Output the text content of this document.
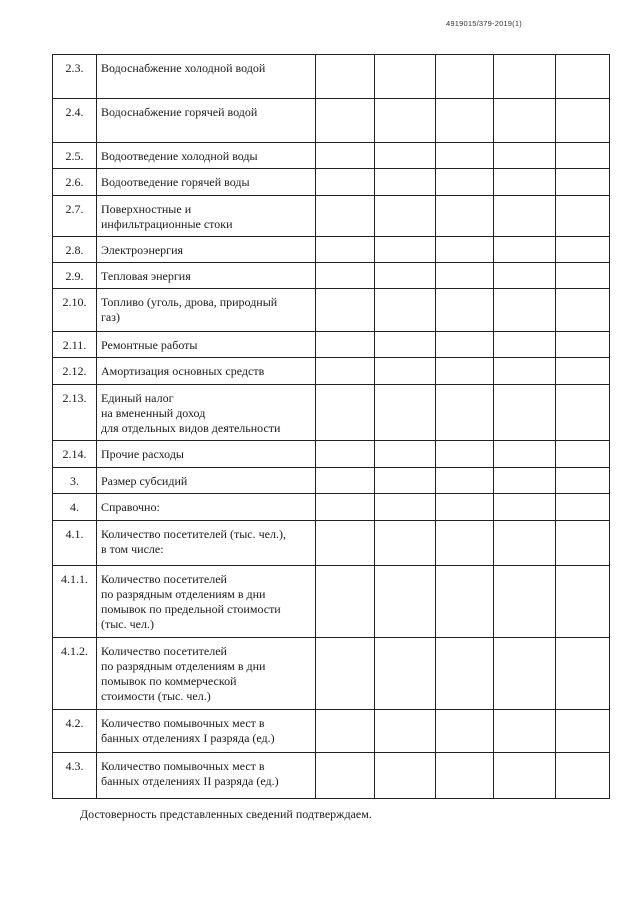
4919015/379-2019(1)
2.3.	Водоснабжение холодной водой					

2.4.	Водоснабжение горячей водой					

2.5.	Водоотведение холодной воды					

2.6.	Водоотведение горячей воды					

2.7.	Поверхностные и
инфильтрационные стоки					

2.8.	Электроэнергия					

2.9.	Тепловая энергия					

2.10.	Топливо (уголь, дрова, природный
газ)					

2.11.	Ремонтные работы					

2.12.	Амортизация основных средств					

2.13.	Единый налог
на вмененный доход
для отдельных видов деятельности					

2.14.	Прочие расходы					

3.	Размер субсидий					

4.	Справочно:					

4.1.	Количество посетителей (тыс. чел.),
в том числе:					

4.1.1.	Количество посетителей
по разрядным отделениям в дни
помывок по предельной стоимости
(тыс. чел.)					

4.1.2.	Количество посетителей
по разрядным отделениям в дни
помывок по коммерческой
стоимости (тыс. чел.)					

4.2.	Количество помывочных мест в
банных отделениях I разряда (ед.)					

4.3.	Количество помывочных мест в
банных отделениях II разряда (ед.)					

Достоверность представленных сведений подтверждаем.
